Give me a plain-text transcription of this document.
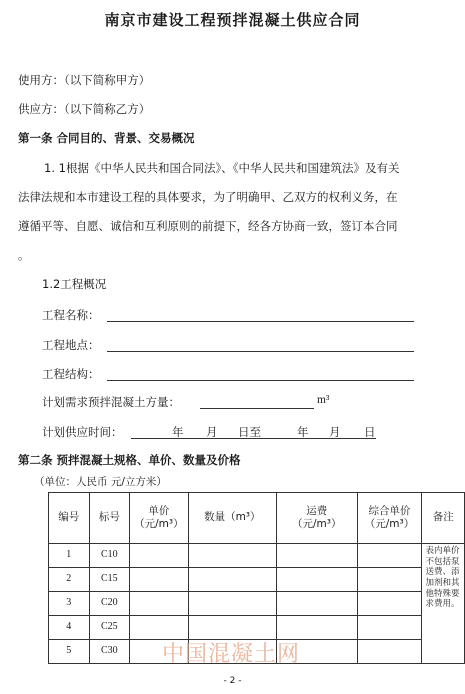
南京市建设工程预拌混凝土供应合同
使用方：（以下简称甲方）
供应方：（以下简称乙方）
第一条 合同目的、背景、交易概况
1. 1根据《中华人民共和国合同法》、《中华人民共和国建筑法》及有关
法律法规和本市建设工程的具体要求，为了明确甲、乙双方的权利义务，在
遵循平等、自愿、诚信和互利原则的前提下，经各方协商一致，签订本合同
。
1.2工程概况
工程名称：
工程地点：
工程结构：
计划需求预拌混凝土方量：	m³
计划供应时间：	年 月 日至	年 月 日
第二条 预拌混凝土规格、单价、数量及价格
（单位：人民币 元/立方米）
编号	标号	单价（元/m³）	数量（m³）	运费（元/m³）	综合单价（元/m³）	备注
1	C10					表内单价不包括泵送费、添加剂和其他特殊要求费用。

2	C15					
3	C20					
4	C25					
5	C30					中国混凝土网
- 2 -
